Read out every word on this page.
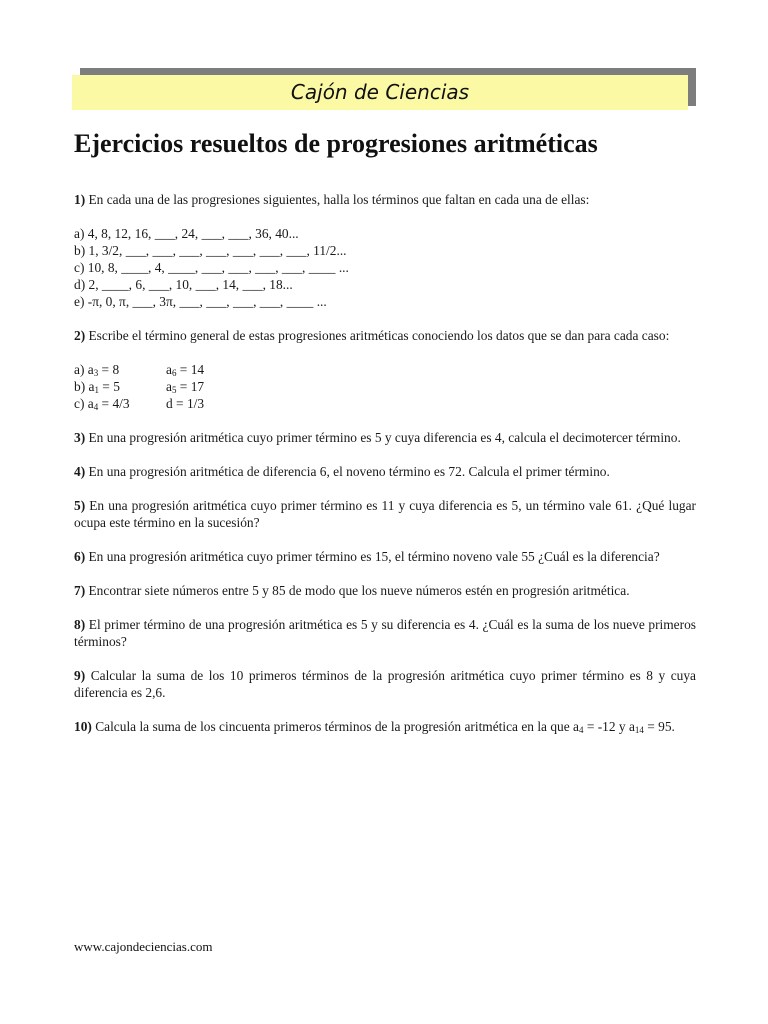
Cajón de Ciencias
Ejercicios resueltos de progresiones aritméticas

1) En cada una de las progresiones siguientes, halla los términos que faltan en cada una de ellas:

a) 4, 8, 12, 16, ___, 24, ___, ___, 36, 40...

b) 1, 3/2, ___, ___, ___, ___, ___, ___, ___, 11/2...

c) 10, 8, ____, 4, ____, ___, ___, ___, ___, ____ ...

d) 2, ____, 6, ___, 10, ___, 14, ___, 18...

e) -π, 0, π, ___, 3π, ___, ___, ___, ___, ____ ...

2) Escribe el término general de estas progresiones aritméticas conociendo los datos que se dan para cada caso:

a) $a_3 = 8$	$a_6 = 14$
b) $a_1 = 5$	$a_5 = 17$
c) $a_4 = 4/3$	d = 1/3

3) En una progresión aritmética cuyo primer término es 5 y cuya diferencia es 4, calcula el decimotercer término.

4) En una progresión aritmética de diferencia 6, el noveno término es 72. Calcula el primer término.

5) En una progresión aritmética cuyo primer término es 11 y cuya diferencia es 5, un término vale 61. ¿Qué lugar ocupa este término en la sucesión?

6) En una progresión aritmética cuyo primer término es 15, el término noveno vale 55 ¿Cuál es la diferencia?

7) Encontrar siete números entre 5 y 85 de modo que los nueve números estén en progresión aritmética.

8) El primer término de una progresión aritmética es 5 y su diferencia es 4. ¿Cuál es la suma de los nueve primeros términos?

9) Calcular la suma de los 10 primeros términos de la progresión aritmética cuyo primer término es 8 y cuya diferencia es 2,6.

10) Calcula la suma de los cincuenta primeros términos de la progresión aritmética en la que $a_4 = -12$ y $a_{14} = 95$.

www.cajondeciencias.com
